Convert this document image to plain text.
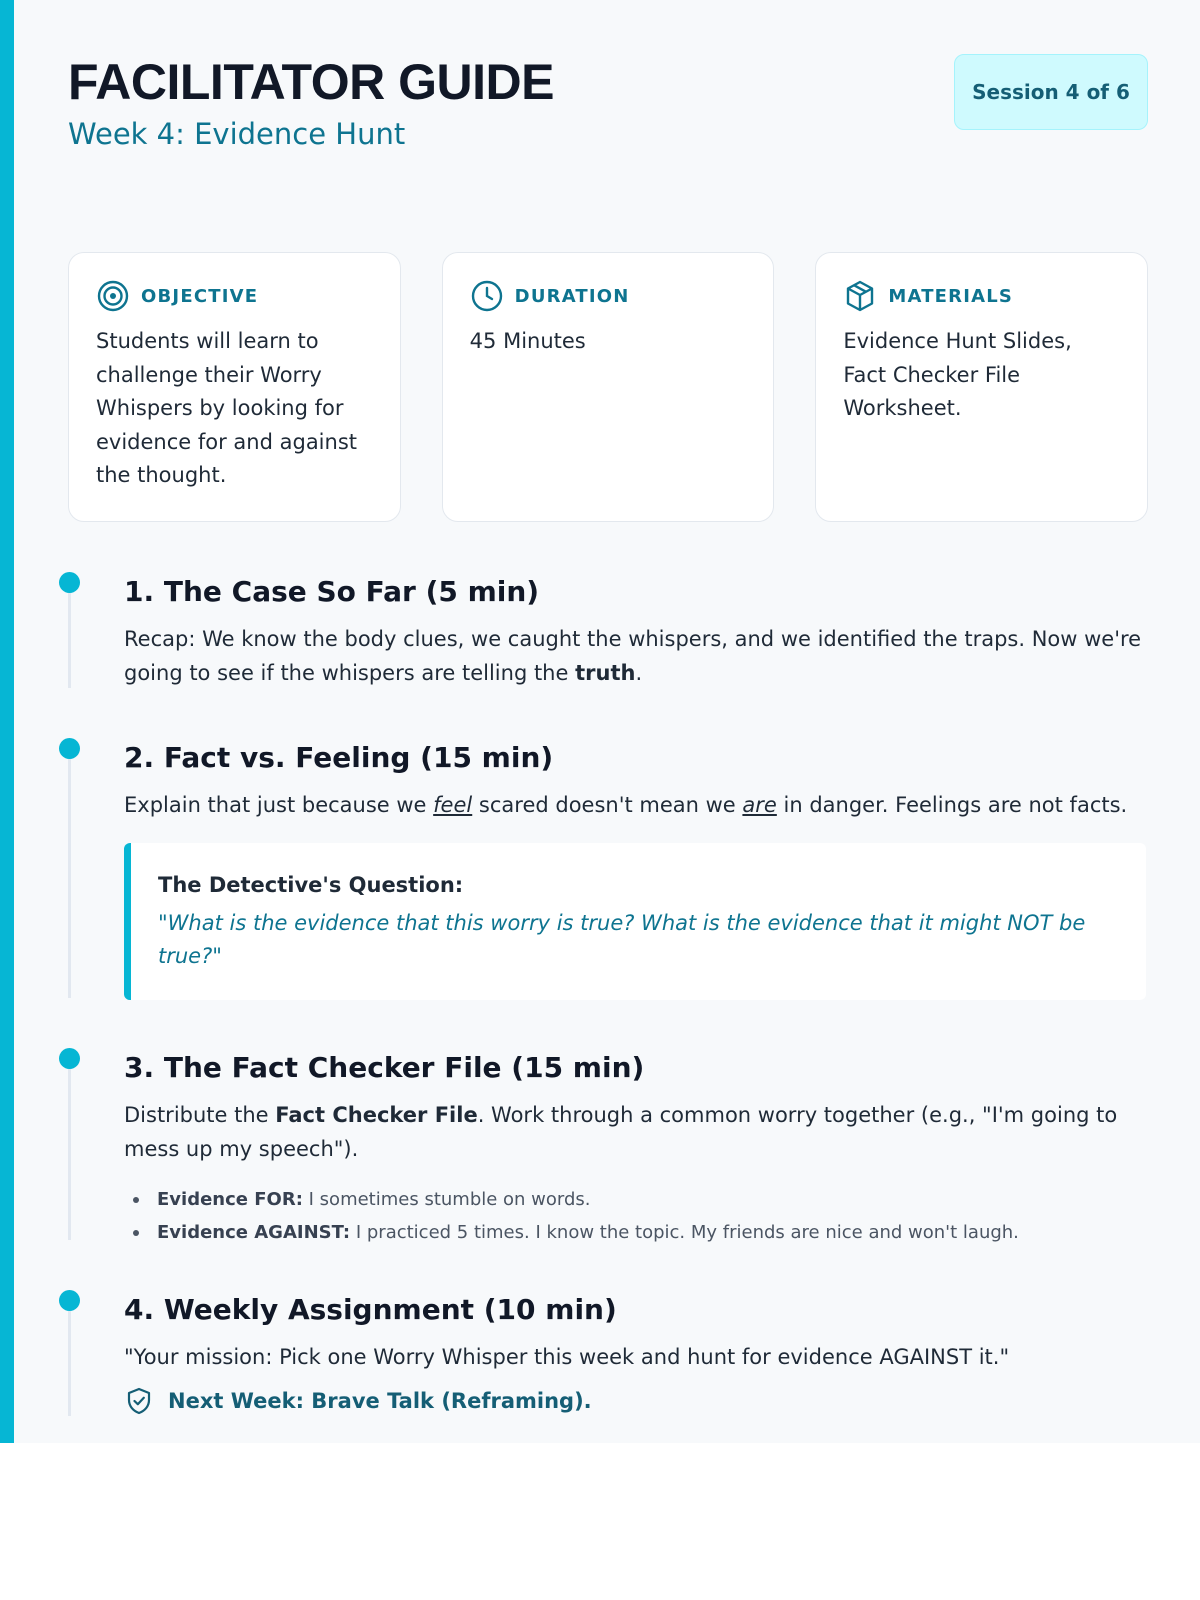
FACILITATOR GUIDE
Week 4: Evidence Hunt
Session 4 of 6
OBJECTIVE
Students will learn to challenge their Worry Whispers by looking for evidence for and against the thought.
DURATION
45 Minutes
MATERIALS
Evidence Hunt Slides, Fact Checker File Worksheet.
1. The Case So Far (5 min)
Recap: We know the body clues, we caught the whispers, and we identified the traps. Now we're going to see if the whispers are telling the truth.
2. Fact vs. Feeling (15 min)
Explain that just because we feel scared doesn't mean we are in danger. Feelings are not facts.
The Detective's Question:
"What is the evidence that this worry is true? What is the evidence that it might NOT be true?"
3. The Fact Checker File (15 min)
Distribute the Fact Checker File. Work through a common worry together (e.g., "I'm going to mess up my speech").
Evidence FOR: I sometimes stumble on words.
Evidence AGAINST: I practiced 5 times. I know the topic. My friends are nice and won't laugh.
4. Weekly Assignment (10 min)
"Your mission: Pick one Worry Whisper this week and hunt for evidence AGAINST it."
Next Week: Brave Talk (Reframing).
